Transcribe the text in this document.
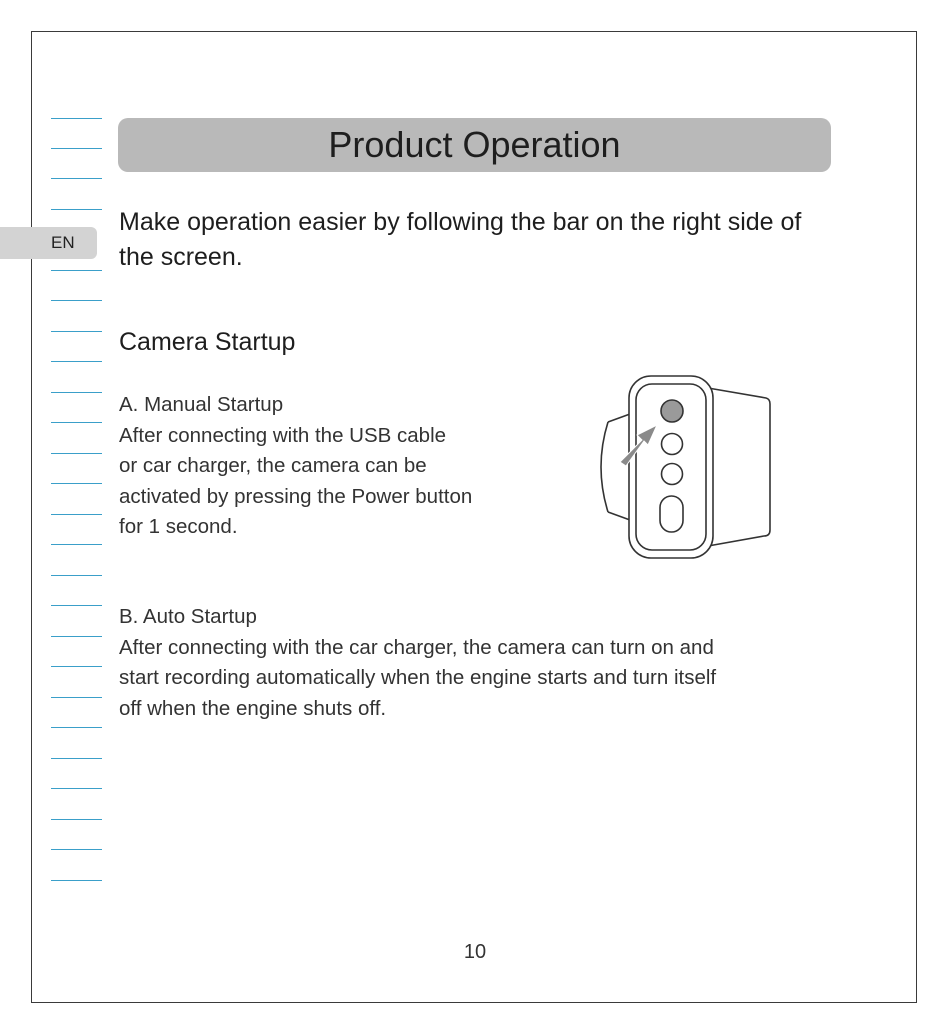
EN
Product Operation
Make operation easier by following the bar on the right side of the screen.
Camera Startup

A. Manual Startup

After connecting with the USB cable

or car charger, the camera can be

activated by pressing the Power button

for 1 second.

B. Auto Startup

After connecting with the car charger, the camera can turn on and

start recording automatically when the engine starts and turn itself

off when the engine shuts off.

10
